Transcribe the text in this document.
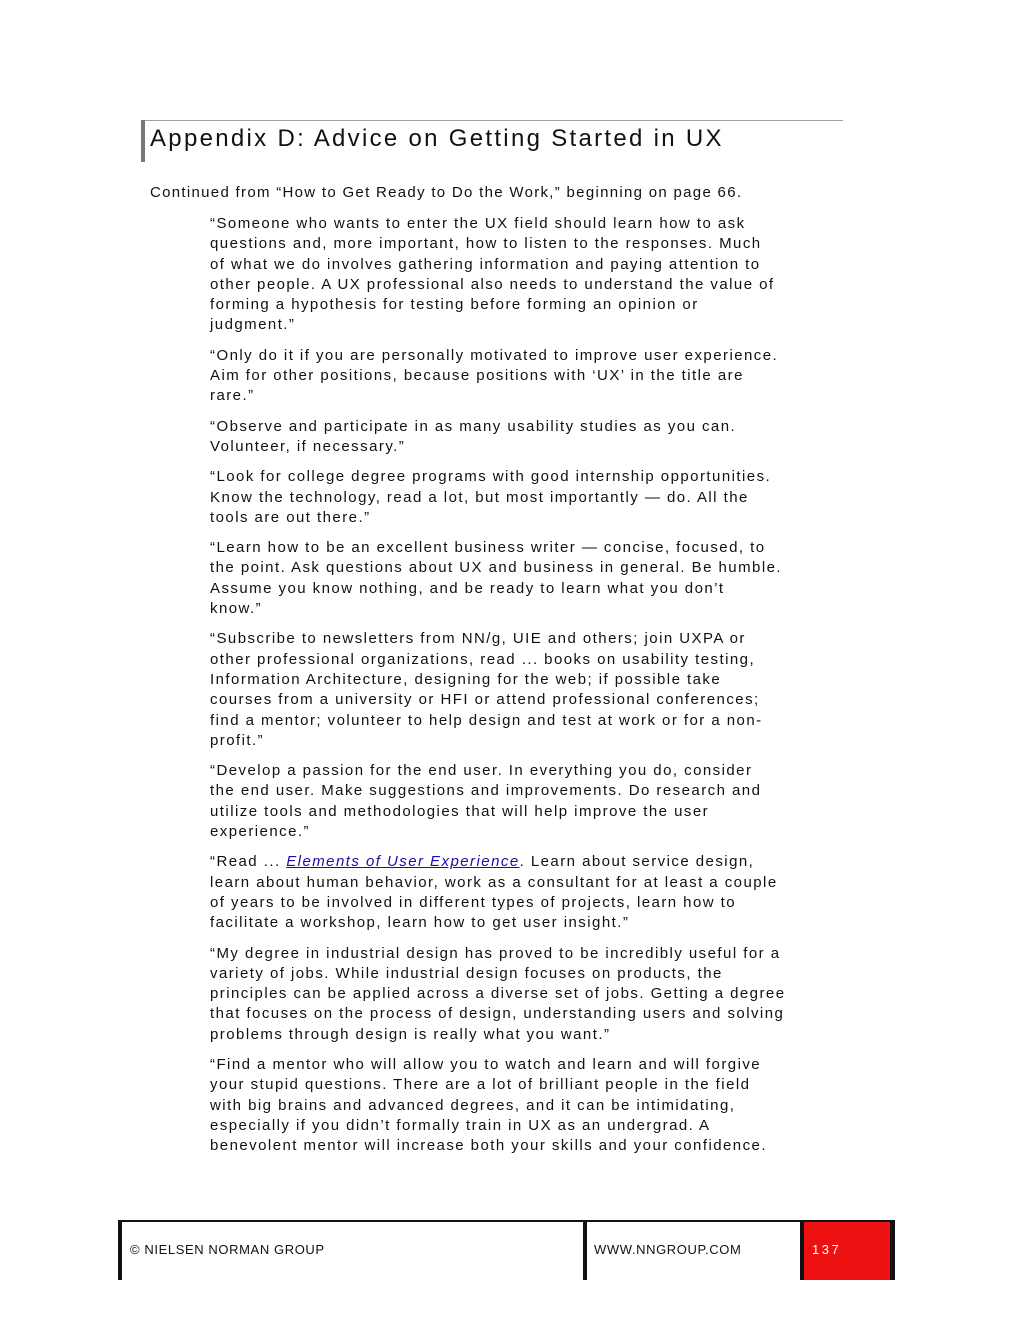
Appendix D: Advice on Getting Started in UX

Continued from “How to Get Ready to Do the Work,” beginning on page 66.

“Someone who wants to enter the UX field should learn how to ask
questions and, more important, how to listen to the responses. Much
of what we do involves gathering information and paying attention to
other people. A UX professional also needs to understand the value of
forming a hypothesis for testing before forming an opinion or
judgment.”

“Only do it if you are personally motivated to improve user experience.
Aim for other positions, because positions with ‘UX’ in the title are
rare.”

“Observe and participate in as many usability studies as you can.
Volunteer, if necessary.”

“Look for college degree programs with good internship opportunities.
Know the technology, read a lot, but most importantly — do. All the
tools are out there.”

“Learn how to be an excellent business writer — concise, focused, to
the point. Ask questions about UX and business in general. Be humble.
Assume you know nothing, and be ready to learn what you don’t
know.”

“Subscribe to newsletters from NN/g, UIE and others; join UXPA or
other professional organizations, read ... books on usability testing,
Information Architecture, designing for the web; if possible take
courses from a university or HFI or attend professional conferences;
find a mentor; volunteer to help design and test at work or for a non-
profit.”

“Develop a passion for the end user. In everything you do, consider
the end user. Make suggestions and improvements. Do research and
utilize tools and methodologies that will help improve the user
experience.”

“Read ... Elements of User Experience. Learn about service design,
learn about human behavior, work as a consultant for at least a couple
of years to be involved in different types of projects, learn how to
facilitate a workshop, learn how to get user insight.”

“My degree in industrial design has proved to be incredibly useful for a
variety of jobs. While industrial design focuses on products, the
principles can be applied across a diverse set of jobs. Getting a degree
that focuses on the process of design, understanding users and solving
problems through design is really what you want.”

“Find a mentor who will allow you to watch and learn and will forgive
your stupid questions. There are a lot of brilliant people in the field
with big brains and advanced degrees, and it can be intimidating,
especially if you didn’t formally train in UX as an undergrad. A
benevolent mentor will increase both your skills and your confidence.

© NIELSEN NORMAN GROUP	WWW.NNGROUP.COM	137
